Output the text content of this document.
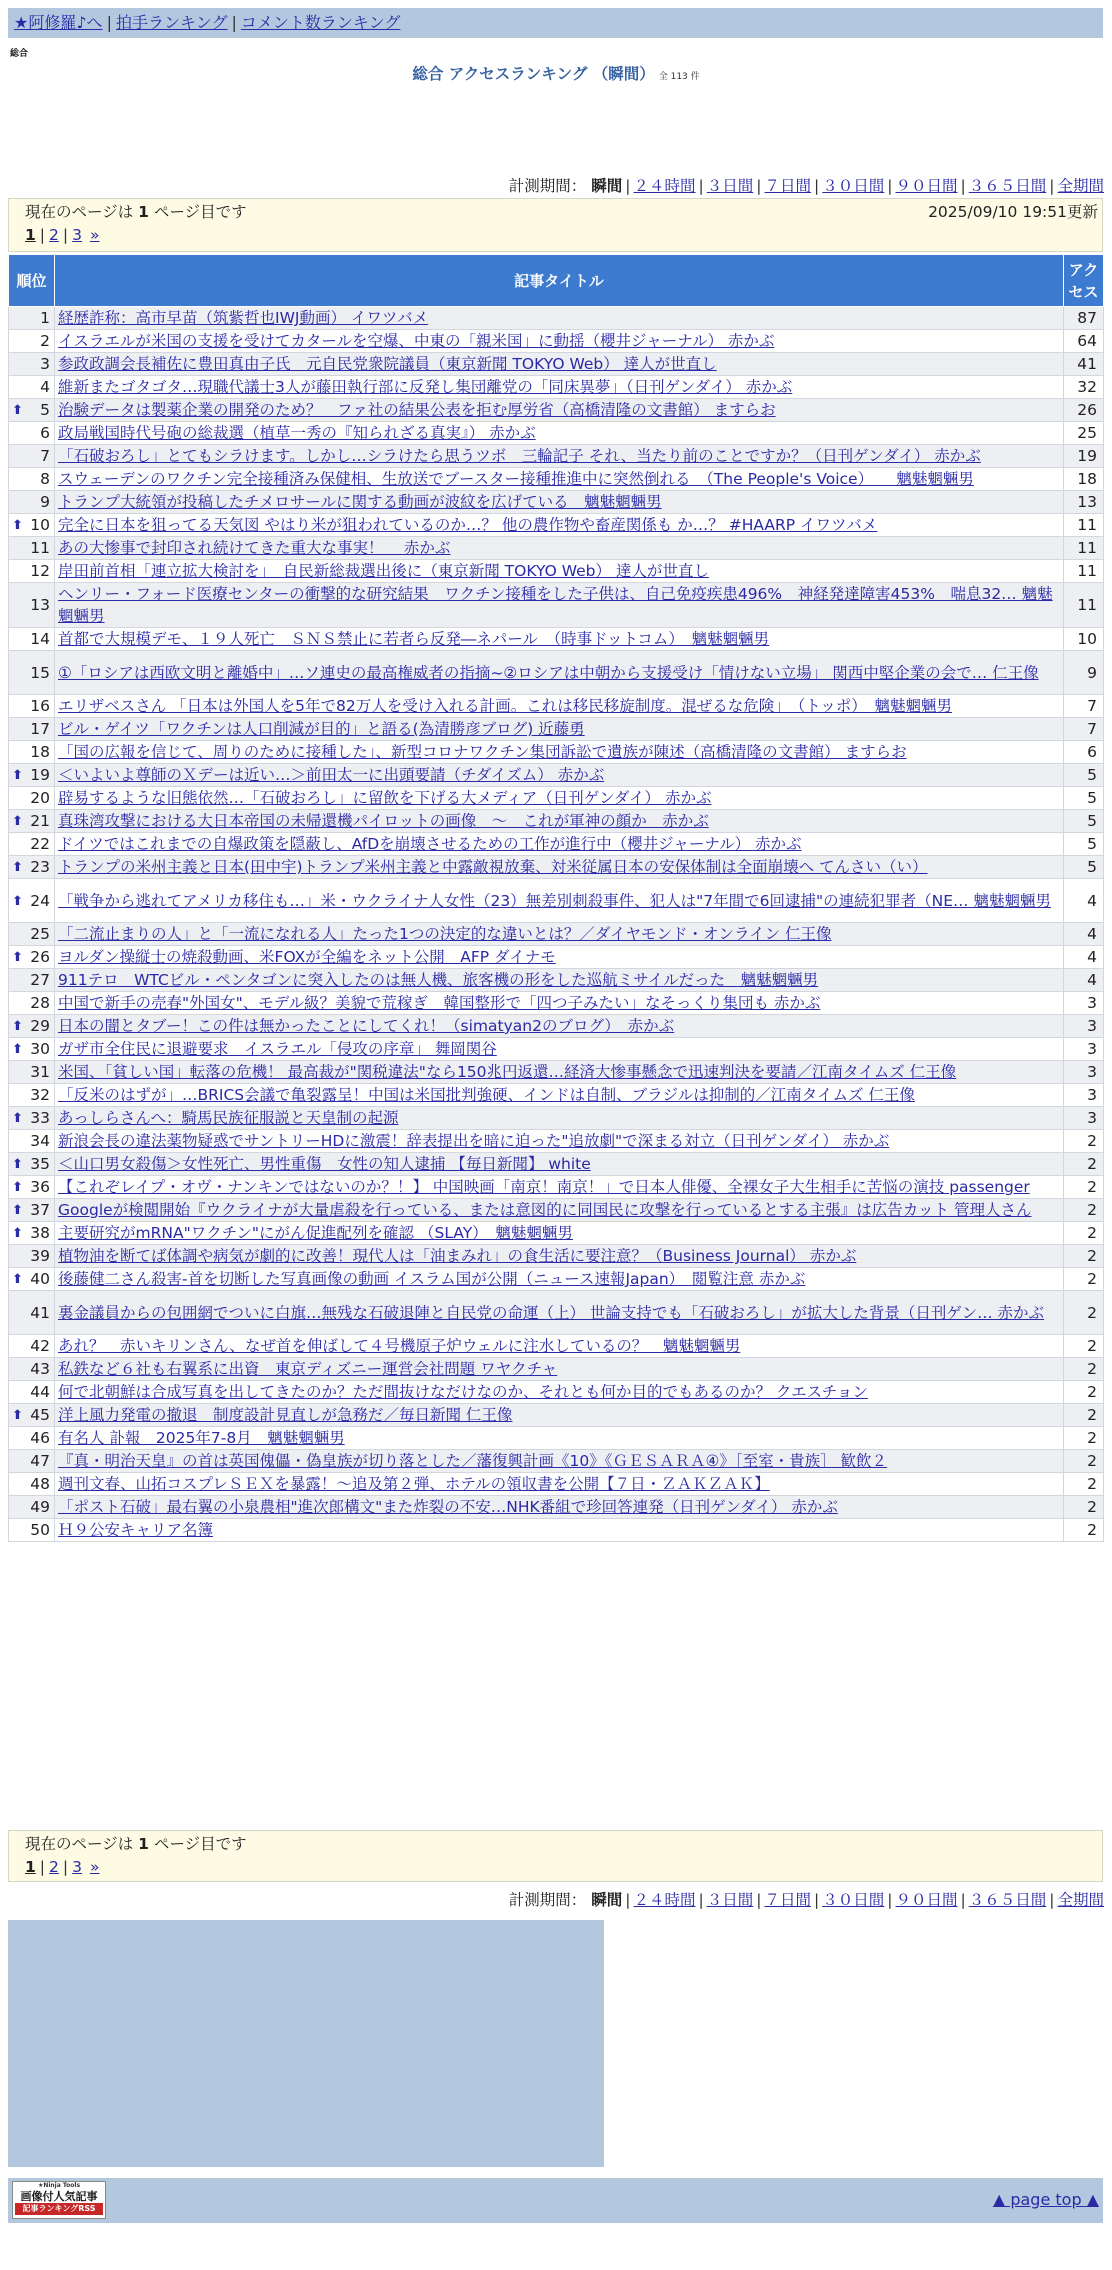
★阿修羅♪へ | 拍手ランキング | コメント数ランキング
総合
総合 アクセスランキング （瞬間） 全 113 件
計測期間： 瞬間 | ２４時間 | ３日間 | ７日間 | ３０日間 | ９０日間 | ３６５日間 | 全期間
現在のページは 1 ページ目です	2025/09/10 19:51更新
1 | 2 | 3 »
順位	記事タイトル	アクセス
1	経歴詐称：高市早苗（筑紫哲也IWJ動画） イワツバメ	87
2	イスラエルが米国の支援を受けてカタールを空爆、中東の「親米国」に動揺（櫻井ジャーナル） 赤かぶ	64
3	参政政調会長補佐に豊田真由子氏　元自民党衆院議員（東京新聞 TOKYO Web） 達人が世直し	41
4	維新またゴタゴタ…現職代議士3人が藤田執行部に反発し集団離党の「同床異夢」（日刊ゲンダイ） 赤かぶ	32

⬆ 5	治験データは製薬企業の開発のため？　ファ社の結果公表を拒む厚労省（高橋清隆の文書館） ますらお	26
6	政局戦国時代号砲の総裁選（植草一秀の『知られざる真実』） 赤かぶ	25
7	「石破おろし」とてもシラけます。しかし…シラけたら思うツボ　三輪記子 それ、当たり前のことですか？（日刊ゲンダイ） 赤かぶ	19
8	スウェーデンのワクチン完全接種済み保健相、生放送でブースター接種推進中に突然倒れる　（The People's Voice）　　魑魅魍魎男	18
9	トランプ大統領が投稿したチメロサールに関する動画が波紋を広げている　魑魅魍魎男	13

⬆ 10	完全に日本を狙ってる天気図 やはり米が狙われているのか…？ 他の農作物や畜産関係も か…？ #HAARP イワツバメ	11
11	あの大惨事で封印され続けてきた重大な事実！　 赤かぶ	11
12	岸田前首相「連立拡大検討を」　自民新総裁選出後に（東京新聞 TOKYO Web） 達人が世直し	11
13	ヘンリー・フォード医療センターの衝撃的な研究結果　ワクチン接種をした子供は、自己免疫疾患496%　神経発達障害453%　喘息32… 魑魅魍魎男	11
14	首都で大規模デモ、１９人死亡　ＳＮＳ禁止に若者ら反発―ネパール　（時事ドットコム）　魑魅魍魎男	10
15	①「ロシアは西欧文明と離婚中」…ソ連史の最高権威者の指摘~②ロシアは中朝から支援受け「情けない立場」 関西中堅企業の会で… 仁王像	9
16	エリザベスさん 「日本は外国人を5年で82万人を受け入れる計画。これは移民移旋制度。混ぜるな危険」　（トッポ）　魑魅魍魎男	7
17	ビル・ゲイツ「ワクチンは人口削減が目的」と語る(為清勝彦ブログ) 近藤勇	7
18	「国の広報を信じて、周りのために接種した」、新型コロナワクチン集団訴訟で遺族が陳述（高橋清隆の文書館） ますらお	6

⬆ 19	＜いよいよ尊師のＸデーは近い…＞前田太一に出頭要請（チダイズム） 赤かぶ	5
20	辟易するような旧態依然…「石破おろし」に留飲を下げる大メディア（日刊ゲンダイ） 赤かぶ	5

⬆ 21	真珠湾攻撃における大日本帝国の未帰還機パイロットの画像　～　これが軍神の顔か　赤かぶ	5
22	ドイツではこれまでの自爆政策を隠蔽し、AfDを崩壊させるための工作が進行中（櫻井ジャーナル） 赤かぶ	5

⬆ 23	トランプの米州主義と日本(田中宇)トランプ米州主義と中露敵視放棄、対米従属日本の安保体制は全面崩壊へ てんさい（い）	5

⬆ 24	「戦争から逃れてアメリカ移住も…」米・ウクライナ人女性（23）無差別刺殺事件、犯人は"7年間で6回逮捕"の連続犯罪者（NE… 魑魅魍魎男	4
25	「二流止まりの人」と「一流になれる人」たった1つの決定的な違いとは？／ダイヤモンド・オンライン 仁王像	4

⬆ 26	ヨルダン操縦士の焼殺動画、米FOXが全編をネット公開　AFP ダイナモ	4
27	911テロ　WTCビル・ペンタゴンに突入したのは無人機、旅客機の形をした巡航ミサイルだった　魑魅魍魎男	4
28	中国で新手の売春"外国女"、モデル級？美貌で荒稼ぎ　韓国整形で「四つ子みたい」なそっくり集団も 赤かぶ	3

⬆ 29	日本の闇とタブー！この件は無かったことにしてくれ！（simatyan2のブログ）　赤かぶ	3

⬆ 30	ガザ市全住民に退避要求　イスラエル「侵攻の序章」 舞岡関谷	3
31	米国、「貧しい国」転落の危機！ 最高裁が"関税違法"なら150兆円返還…経済大惨事懸念で迅速判決を要請／江南タイムズ 仁王像	3
32	「反米のはずが」…BRICS会議で亀裂露呈！中国は米国批判強硬、インドは自制、ブラジルは抑制的／江南タイムズ 仁王像	3

⬆ 33	あっしらさんへ：騎馬民族征服説と天皇制の起源	3
34	新浪会長の違法薬物疑惑でサントリーHDに激震！辞表提出を暗に迫った"追放劇"で深まる対立（日刊ゲンダイ） 赤かぶ	2

⬆ 35	＜山口男女殺傷＞女性死亡、男性重傷　女性の知人逮捕 【毎日新聞】 white	2

⬆ 36	【これぞレイプ・オヴ・ナンキンではないのか？！】 中国映画「南京！南京！」で日本人俳優、全裸女子大生相手に苦悩の演技 passenger	2

⬆ 37	Googleが検閲開始『ウクライナが大量虐殺を行っている、または意図的に同国民に攻撃を行っているとする主張』は広告カット 管理人さん	2

⬆ 38	主要研究がmRNA"ワクチン"にがん促進配列を確認 （SLAY）　魑魅魍魎男	2
39	植物油を断てば体調や病気が劇的に改善！現代人は「油まみれ」の食生活に要注意？（Business Journal） 赤かぶ	2

⬆ 40	後藤健二さん殺害-首を切断した写真画像の動画 イスラム国が公開（ニュース速報Japan）　閲覧注意 赤かぶ	2
41	裏金議員からの包囲網でついに白旗…無残な石破退陣と自民党の命運（上） 世論支持でも「石破おろし」が拡大した背景（日刊ゲン… 赤かぶ	2
42	あれ？　赤いキリンさん、なぜ首を伸ばして４号機原子炉ウェルに注水しているの？　魑魅魍魎男	2
43	私鉄など６社も右翼系に出資　東京ディズニー運営会社問題 ワヤクチャ	2
44	何で北朝鮮は合成写真を出してきたのか？ただ間抜けなだけなのか、それとも何か目的でもあるのか？ クエスチョン	2

⬆ 45	洋上風力発電の撤退　制度設計見直しが急務だ／毎日新聞 仁王像	2
46	有名人 訃報　2025年7-8月　魑魅魍魎男	2
47	『真・明治天皇』の首は英国傀儡・偽皇族が切り落とした／藩復興計画《10》《ＧＥＳＡＲＡ④》［至室・貴族］ 歓飲２	2
48	週刊文春、山拓コスプレＳＥＸを暴露！～追及第２弾、ホテルの領収書を公開【７日・ＺＡＫＺＡＫ】	2
49	「ポスト石破」最右翼の小泉農相"進次郎構文"また炸裂の不安…NHK番組で珍回答連発（日刊ゲンダイ） 赤かぶ	2
50	Ｈ９公安キャリア名簿	2
現在のページは 1 ページ目です
1 | 2 | 3 »
計測期間： 瞬間 | ２４時間 | ３日間 | ７日間 | ３０日間 | ９０日間 | ３６５日間 | 全期間
★Ninja Tools
画像付人気記事
記事ランキングRSS	▲ page top ▲
